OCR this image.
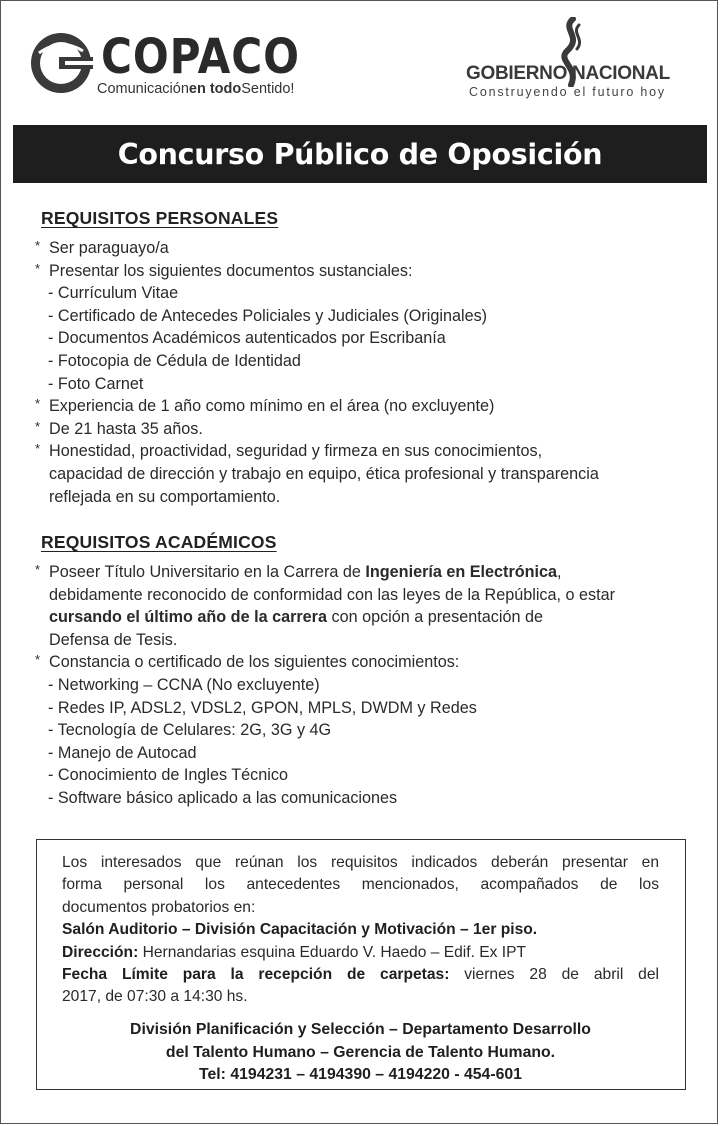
COPACO
Comunicaciónen todoSentido!
GOBIERNO NACIONAL
Construyendo el futuro hoy
Concurso Público de Oposición
REQUISITOS PERSONALES
* Ser paraguayo/a
* Presentar los siguientes documentos sustanciales:
- Currículum Vitae
- Certificado de Antecedes Policiales y Judiciales (Originales)
- Documentos Académicos autenticados por Escribanía
- Fotocopia de Cédula de Identidad
- Foto Carnet
* Experiencia de 1 año como mínimo en el área (no excluyente)
* De 21 hasta 35 años.
* Honestidad, proactividad, seguridad y firmeza en sus conocimientos,
capacidad de dirección y trabajo en equipo, ética profesional y transparencia
reflejada en su comportamiento.
REQUISITOS ACADÉMICOS
* Poseer Título Universitario en la Carrera de Ingeniería en Electrónica,
debidamente reconocido de conformidad con las leyes de la República, o estar
cursando el último año de la carrera con opción a presentación de
Defensa de Tesis.
* Constancia o certificado de los siguientes conocimientos:
- Networking – CCNA (No excluyente)
- Redes IP, ADSL2, VDSL2, GPON, MPLS, DWDM y Redes
- Tecnología de Celulares: 2G, 3G y 4G
- Manejo de Autocad
- Conocimiento de Ingles Técnico
- Software básico aplicado a las comunicaciones
Los interesados que reúnan los requisitos indicados deberán presentar en
forma personal los antecedentes mencionados, acompañados de los
documentos probatorios en:
Salón Auditorio – División Capacitación y Motivación – 1er piso.
Dirección: Hernandarias esquina Eduardo V. Haedo – Edif. Ex IPT
Fecha Límite para la recepción de carpetas: viernes 28 de abril del
2017, de 07:30 a 14:30 hs.
División Planificación y Selección – Departamento Desarrollo
del Talento Humano – Gerencia de Talento Humano.
Tel: 4194231 – 4194390 – 4194220 - 454-601
